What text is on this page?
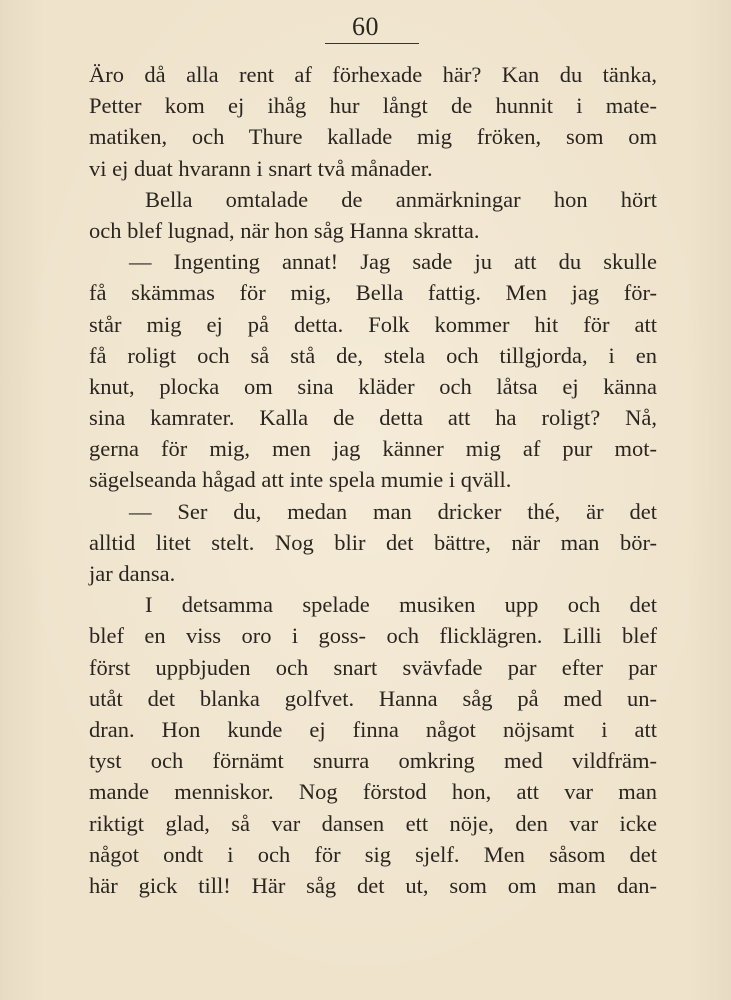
60
Äro då alla rent af förhexade här? Kan du tänka,
Petter kom ej ihåg hur långt de hunnit i mate-
matiken, och Thure kallade mig fröken, som om
vi ej duat hvarann i snart två månader.
Bella omtalade de anmärkningar hon hört
och blef lugnad, när hon såg Hanna skratta.
— Ingenting annat! Jag sade ju att du skulle
få skämmas för mig, Bella fattig. Men jag för-
står mig ej på detta. Folk kommer hit för att
få roligt och så stå de, stela och tillgjorda, i en
knut, plocka om sina kläder och låtsa ej känna
sina kamrater. Kalla de detta att ha roligt? Nå,
gerna för mig, men jag känner mig af pur mot-
sägelseanda hågad att inte spela mumie i qväll.
— Ser du, medan man dricker thé, är det
alltid litet stelt. Nog blir det bättre, när man bör-
jar dansa.
I detsamma spelade musiken upp och det
blef en viss oro i goss- och flicklägren. Lilli blef
först uppbjuden och snart svävfade par efter par
utåt det blanka golfvet. Hanna såg på med un-
dran. Hon kunde ej finna något nöjsamt i att
tyst och förnämt snurra omkring med vildfräm-
mande menniskor. Nog förstod hon, att var man
riktigt glad, så var dansen ett nöje, den var icke
något ondt i och för sig sjelf. Men såsom det
här gick till! Här såg det ut, som om man dan-
